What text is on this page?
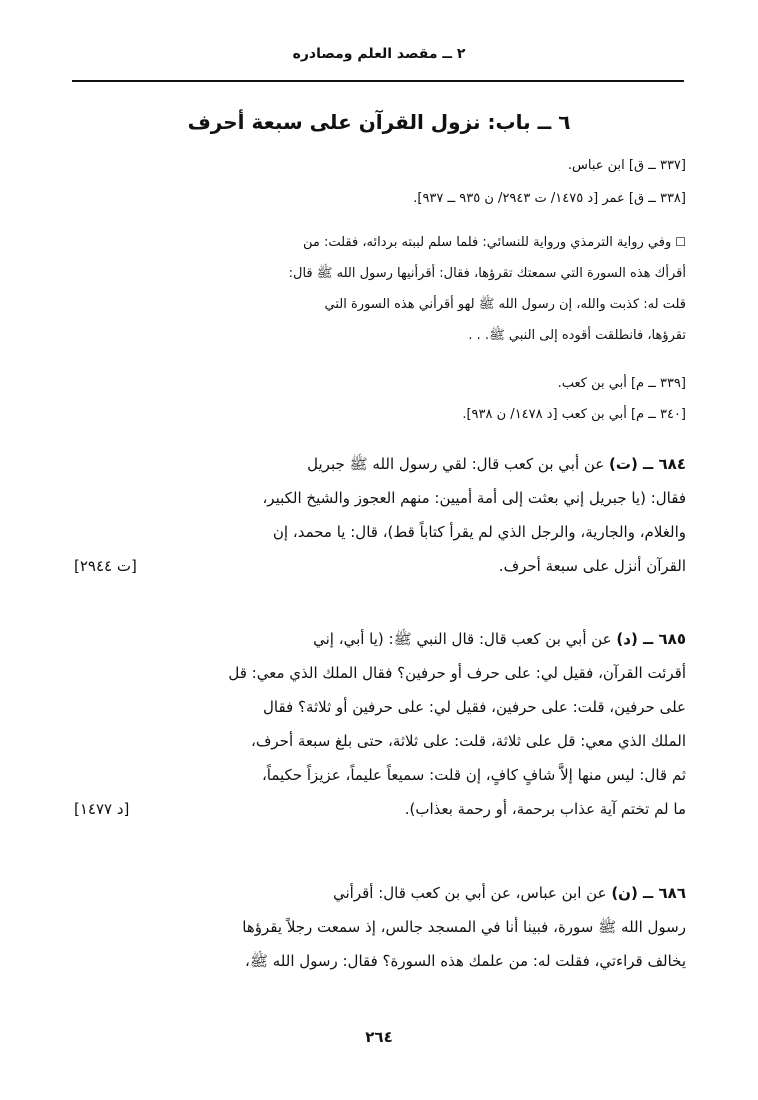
٢ ــ مقصد العلم ومصادره
٦ ــ باب: نزول القرآن على سبعة أحرف
[٣٣٧ ــ ق] ابن عباس.
[٣٣٨ ــ ق] عمر [د ١٤٧٥/ ت ٢٩٤٣/ ن ٩٣٥ ــ ٩٣٧].
☐وفي رواية الترمذي ورواية للنسائي: فلما سلم لببته بردائه، فقلت: من
أقرأك هذه السورة التي سمعتك تقرؤها، فقال: أقرأنيها رسول الله ﷺ قال:
قلت له: كذبت والله، إن رسول الله ﷺ لهو أقرأني هذه السورة التي
تقرؤها، فانطلقت أقوده إلى النبي ﷺ. . .
[٣٣٩ ــ م] أبي بن كعب.
[٣٤٠ ــ م] أبي بن كعب [د ١٤٧٨/ ن ٩٣٨].
٦٨٤ ــ (ت) عن أبي بن كعب قال: لقي رسول الله ﷺ جبريل
فقال: (يا جبريل إني بعثت إلى أمة أميين: منهم العجوز والشيخ الكبير،
والغلام، والجارية، والرجل الذي لم يقرأ كتاباً قط)، قال: يا محمد، إن
القرآن أنزل على سبعة أحرف.
[ت ٢٩٤٤]
٦٨٥ ــ (د) عن أبي بن كعب قال: قال النبي ﷺ: (يا أبي، إني
أقرئت القرآن، فقيل لي: على حرف أو حرفين؟ فقال الملك الذي معي: قل
على حرفين، قلت: على حرفين، فقيل لي: على حرفين أو ثلاثة؟ فقال
الملك الذي معي: قل على ثلاثة، قلت: على ثلاثة، حتى بلغ سبعة أحرف،
ثم قال: ليس منها إلاَّ شافٍ كافٍ، إن قلت: سميعاً عليماً، عزيزاً حكيماً،
ما لم تختم آية عذاب برحمة، أو رحمة بعذاب).
[د ١٤٧٧]
٦٨٦ ــ (ن) عن ابن عباس، عن أبي بن كعب قال: أقرأني
رسول الله ﷺ سورة، فبينا أنا في المسجد جالس، إذ سمعت رجلاً يقرؤها
يخالف قراءتي، فقلت له: من علمك هذه السورة؟ فقال: رسول الله ﷺ،
٢٦٤
